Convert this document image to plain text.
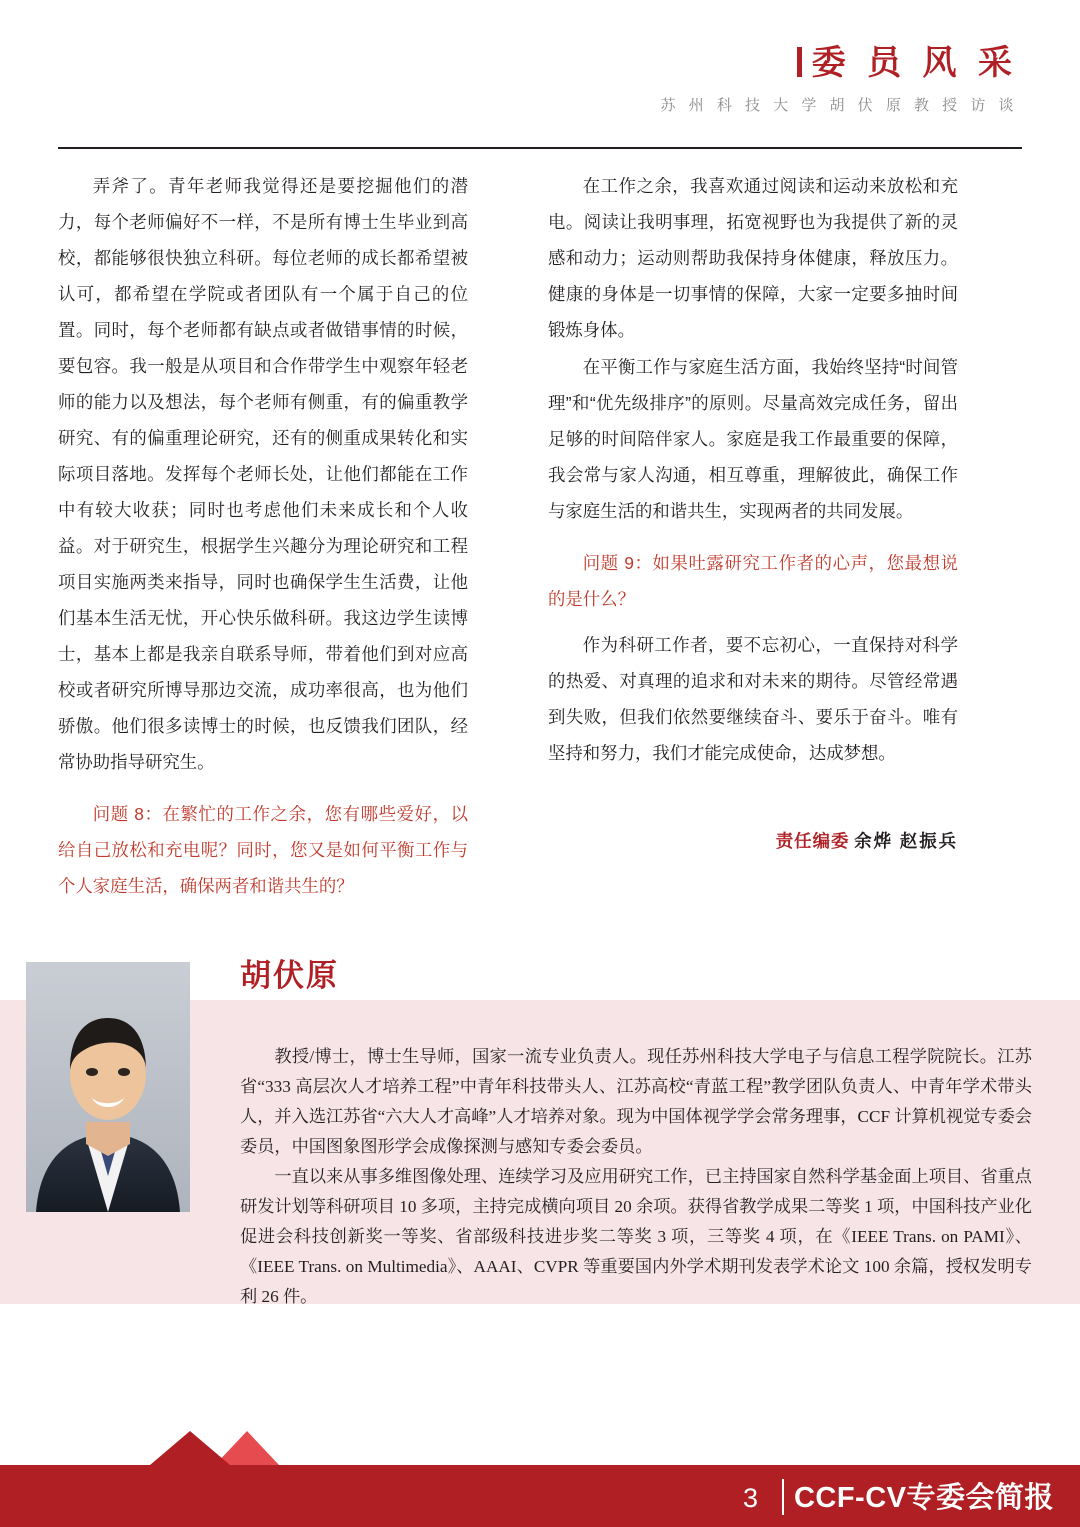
委 员 风 采
苏 州 科 技 大 学 胡 伏 原 教 授 访 谈

弄斧了。青年老师我觉得还是要挖掘他们的潜力，每个老师偏好不一样，不是所有博士生毕业到高校，都能够很快独立科研。每位老师的成长都希望被认可，都希望在学院或者团队有一个属于自己的位置。同时，每个老师都有缺点或者做错事情的时候，要包容。我一般是从项目和合作带学生中观察年轻老师的能力以及想法，每个老师有侧重，有的偏重教学研究、有的偏重理论研究，还有的侧重成果转化和实际项目落地。发挥每个老师长处，让他们都能在工作中有较大收获；同时也考虑他们未来成长和个人收益。对于研究生，根据学生兴趣分为理论研究和工程项目实施两类来指导，同时也确保学生生活费，让他们基本生活无忧，开心快乐做科研。我这边学生读博士，基本上都是我亲自联系导师，带着他们到对应高校或者研究所博导那边交流，成功率很高，也为他们骄傲。他们很多读博士的时候，也反馈我们团队，经常协助指导研究生。

问题 8：在繁忙的工作之余，您有哪些爱好，以给自己放松和充电呢？同时，您又是如何平衡工作与个人家庭生活，确保两者和谐共生的？

在工作之余，我喜欢通过阅读和运动来放松和充电。阅读让我明事理，拓宽视野也为我提供了新的灵感和动力；运动则帮助我保持身体健康，释放压力。健康的身体是一切事情的保障，大家一定要多抽时间锻炼身体。

在平衡工作与家庭生活方面，我始终坚持“时间管理”和“优先级排序”的原则。尽量高效完成任务，留出足够的时间陪伴家人。家庭是我工作最重要的保障，我会常与家人沟通，相互尊重，理解彼此，确保工作与家庭生活的和谐共生，实现两者的共同发展。

问题 9：如果吐露研究工作者的心声，您最想说的是什么？

作为科研工作者，要不忘初心，一直保持对科学的热爱、对真理的追求和对未来的期待。尽管经常遇到失败，但我们依然要继续奋斗、要乐于奋斗。唯有坚持和努力，我们才能完成使命，达成梦想。

责任编委 余烨 赵振兵
胡伏原

教授/博士，博士生导师，国家一流专业负责人。现任苏州科技大学电子与信息工程学院院长。江苏省“333 高层次人才培养工程”中青年科技带头人、江苏高校“青蓝工程”教学团队负责人、中青年学术带头人，并入选江苏省“六大人才高峰”人才培养对象。现为中国体视学学会常务理事，CCF 计算机视觉专委会委员，中国图象图形学会成像探测与感知专委会委员。

一直以来从事多维图像处理、连续学习及应用研究工作，已主持国家自然科学基金面上项目、省重点研发计划等科研项目 10 多项，主持完成横向项目 20 余项。获得省教学成果二等奖 1 项，中国科技产业化促进会科技创新奖一等奖、省部级科技进步奖二等奖 3 项，三等奖 4 项，在《IEEE Trans. on PAMI》、《IEEE Trans. on Multimedia》、AAAI、CVPR 等重要国内外学术期刊发表学术论文 100 余篇，授权发明专利 26 件。

3 CCF-CV专委会简报
